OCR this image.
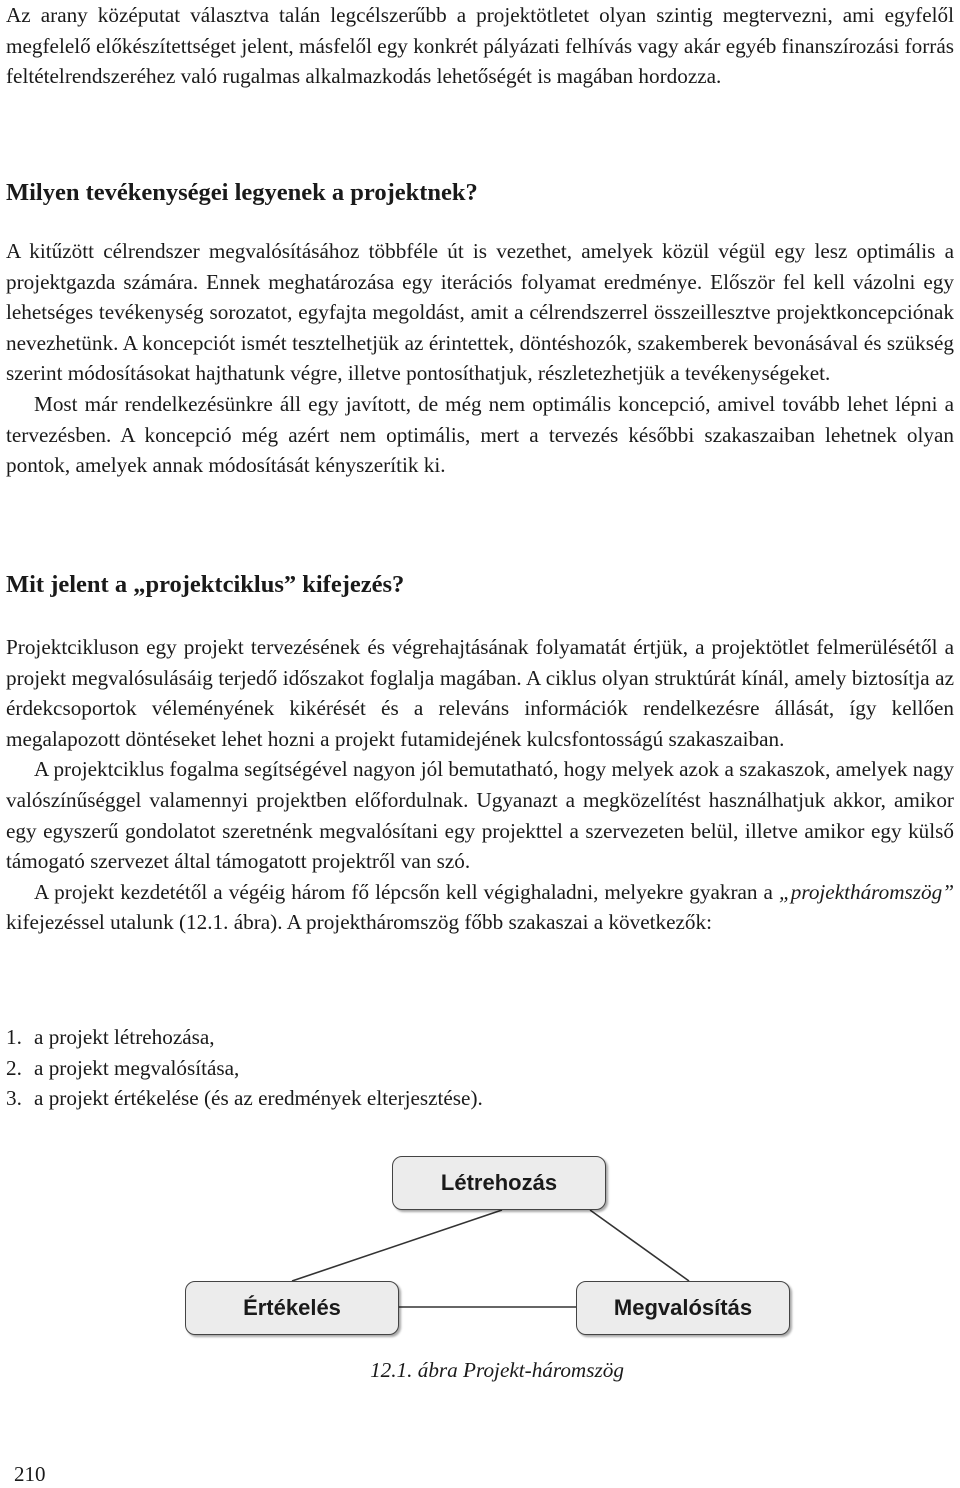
Az arany középutat választva talán legcélszerűbb a projektötletet olyan szintig megtervezni, ami egyfelől megfelelő előkészítettséget jelent, másfelől egy konkrét pályázati felhívás vagy akár egyéb finanszírozási forrás feltételrendszeréhez való rugalmas alkalmazkodás lehetőségét is magában hordozza.

Milyen tevékenységei legyenek a projektnek?

A kitűzött célrendszer megvalósításához többféle út is vezethet, amelyek közül végül egy lesz optimális a projektgazda számára. Ennek meghatározása egy iterációs folyamat eredménye. Először fel kell vázolni egy lehetséges tevékenység sorozatot, egyfajta megoldást, amit a célrendszerrel összeillesztve projektkoncepciónak nevezhetünk. A koncepciót ismét tesztelhetjük az érintettek, döntéshozók, szakemberek bevonásával és szükség szerint módosításokat hajthatunk végre, illetve pontosíthatjuk, részletezhetjük a tevékenységeket.

Most már rendelkezésünkre áll egy javított, de még nem optimális koncepció, amivel tovább lehet lépni a tervezésben. A koncepció még azért nem optimális, mert a tervezés későbbi szakaszaiban lehetnek olyan pontok, amelyek annak módosítását kényszerítik ki.

Mit jelent a „projektciklus” kifejezés?

Projektcikluson egy projekt tervezésének és végrehajtásának folyamatát értjük, a projektötlet felmerülésétől a projekt megvalósulásáig terjedő időszakot foglalja magában. A ciklus olyan struktúrát kínál, amely biztosítja az érdekcsoportok véleményének kikérését és a releváns információk rendelkezésre állását, így kellően megalapozott döntéseket lehet hozni a projekt futamidejének kulcsfontosságú szakaszaiban.

A projektciklus fogalma segítségével nagyon jól bemutatható, hogy melyek azok a szakaszok, amelyek nagy valószínűséggel valamennyi projektben előfordulnak. Ugyanazt a megközelítést használhatjuk akkor, amikor egy egyszerű gondolatot szeretnénk megvalósítani egy projekttel a szervezeten belül, illetve amikor egy külső támogató szervezet által támogatott projektről van szó.

A projekt kezdetétől a végéig három fő lépcsőn kell végighaladni, melyekre gyakran a „projektháromszög” kifejezéssel utalunk (12.1. ábra). A projektháromszög főbb szakaszai a következők:

1. a projekt létrehozása,
2. a projekt megvalósítása,
3. a projekt értékelése (és az eredmények elterjesztése).
Létrehozás
Értékelés	Megvalósítás
12.1. ábra Projekt-háromszög
210
